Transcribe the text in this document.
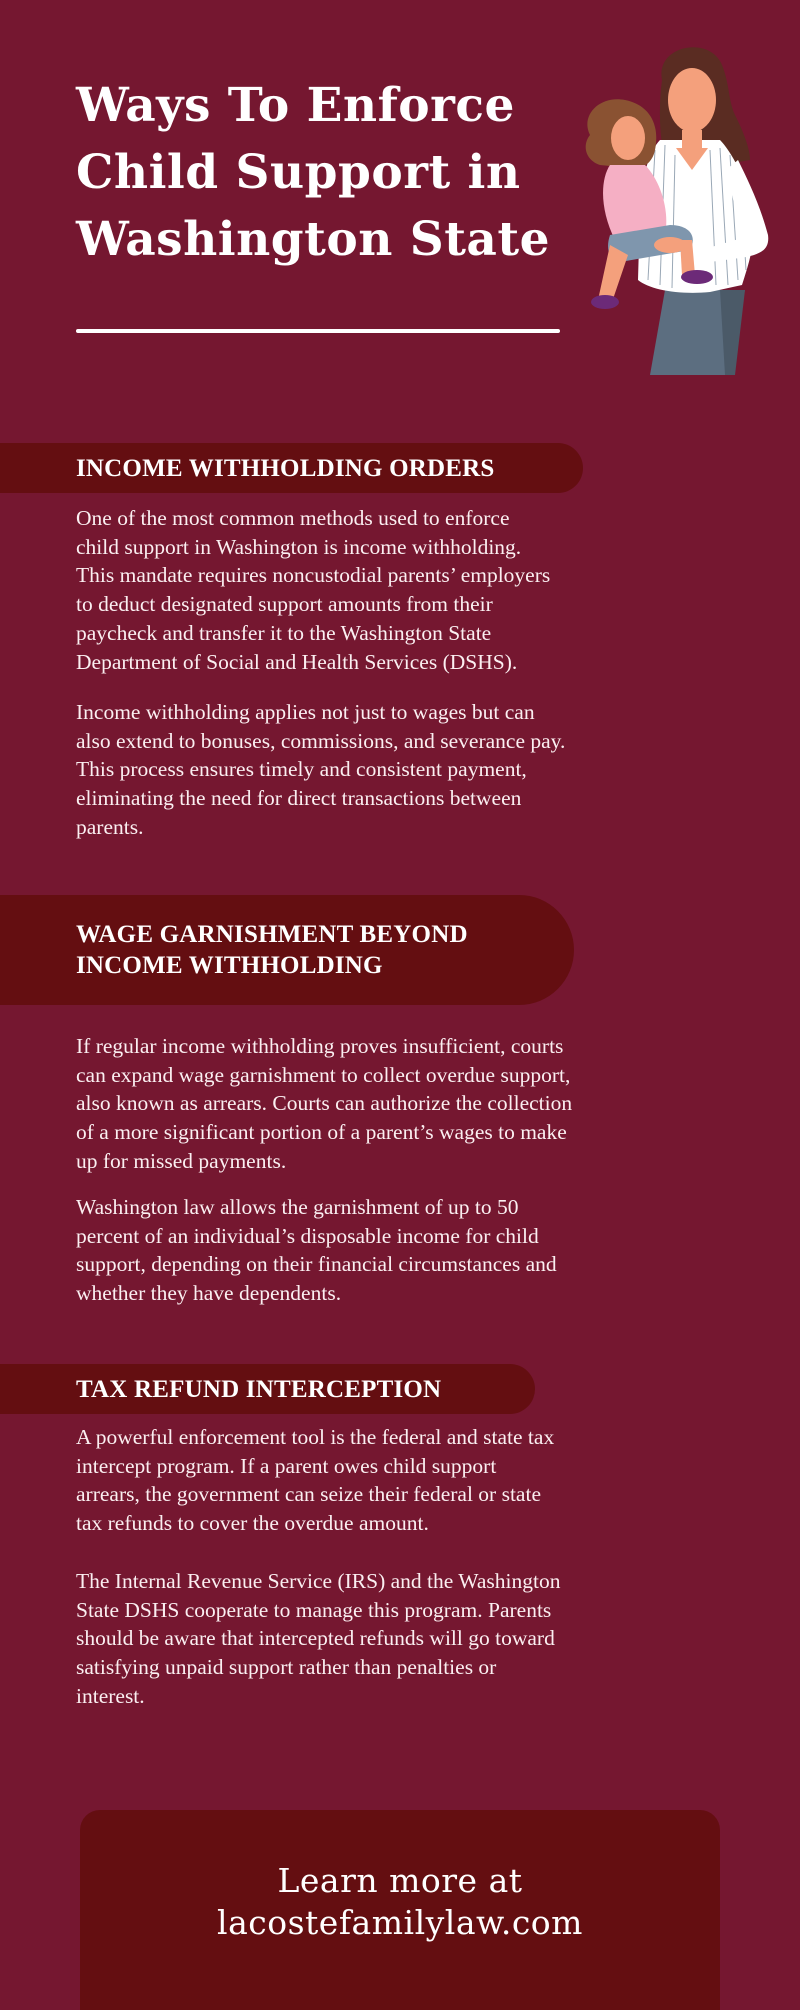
Ways To Enforce
Child Support in
Washington State
INCOME WITHHOLDING ORDERS

One of the most common methods used to enforce
child support in Washington is income withholding.
This mandate requires noncustodial parents’ employers
to deduct designated support amounts from their
paycheck and transfer it to the Washington State
Department of Social and Health Services (DSHS).

Income withholding applies not just to wages but can
also extend to bonuses, commissions, and severance pay.
This process ensures timely and consistent payment,
eliminating the need for direct transactions between
parents.

WAGE GARNISHMENT BEYOND
INCOME WITHHOLDING

If regular income withholding proves insufficient, courts
can expand wage garnishment to collect overdue support,
also known as arrears. Courts can authorize the collection
of a more significant portion of a parent’s wages to make
up for missed payments.

Washington law allows the garnishment of up to 50
percent of an individual’s disposable income for child
support, depending on their financial circumstances and
whether they have dependents.

TAX REFUND INTERCEPTION

A powerful enforcement tool is the federal and state tax
intercept program. If a parent owes child support
arrears, the government can seize their federal or state
tax refunds to cover the overdue amount.

The Internal Revenue Service (IRS) and the Washington
State DSHS cooperate to manage this program. Parents
should be aware that intercepted refunds will go toward
satisfying unpaid support rather than penalties or
interest.

Learn more at
lacostefamilylaw.com
